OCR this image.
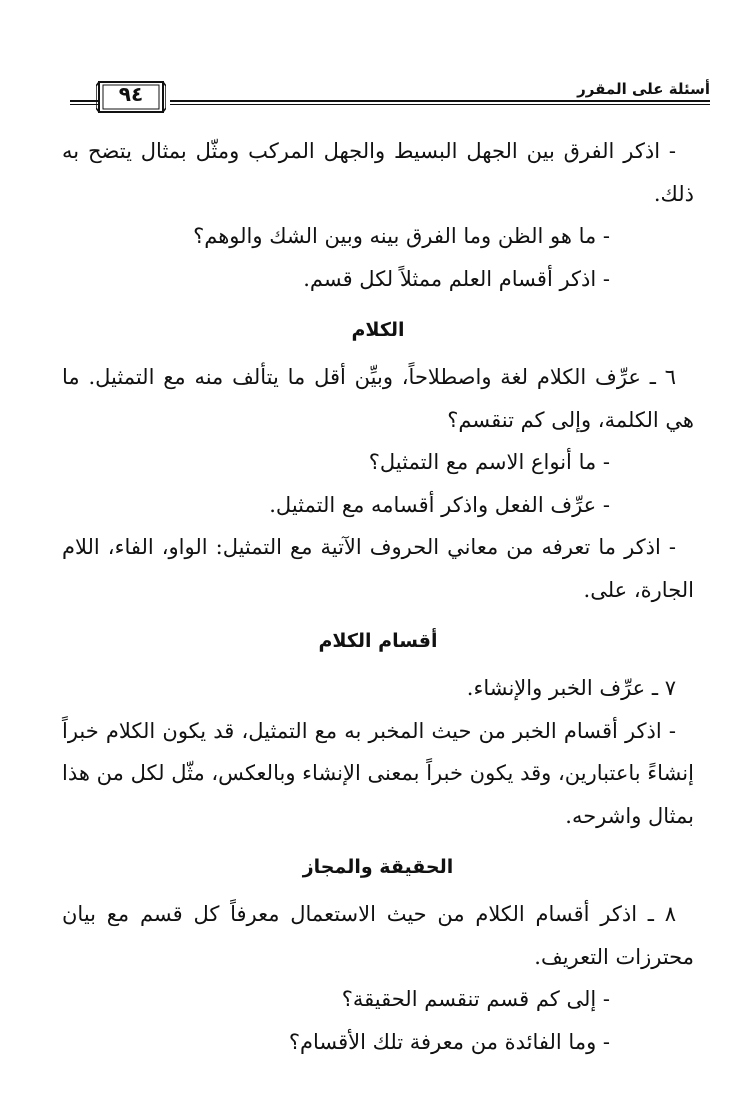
٩٤	أسئلة على المقرر

- اذكر الفرق بين الجهل البسيط والجهل المركب ومثّل بمثال يتضح به ذلك.

- ما هو الظن وما الفرق بينه وبين الشك والوهم؟

- اذكر أقسام العلم ممثلاً لكل قسم.

الكلام

٦ ـ عرِّف الكلام لغة واصطلاحاً، وبيِّن أقل ما يتألف منه مع التمثيل. ما هي الكلمة، وإلى كم تنقسم؟

- ما أنواع الاسم مع التمثيل؟

- عرِّف الفعل واذكر أقسامه مع التمثيل.

- اذكر ما تعرفه من معاني الحروف الآتية مع التمثيل: الواو، الفاء، اللام الجارة، على.

أقسام الكلام

٧ ـ عرِّف الخبر والإنشاء.

- اذكر أقسام الخبر من حيث المخبر به مع التمثيل، قد يكون الكلام خبراً إنشاءً باعتبارين، وقد يكون خبراً بمعنى الإنشاء وبالعكس، مثّل لكل من هذا بمثال واشرحه.

الحقيقة والمجاز

٨ ـ اذكر أقسام الكلام من حيث الاستعمال معرفاً كل قسم مع بيان محترزات التعريف.

- إلى كم قسم تنقسم الحقيقة؟

- وما الفائدة من معرفة تلك الأقسام؟
